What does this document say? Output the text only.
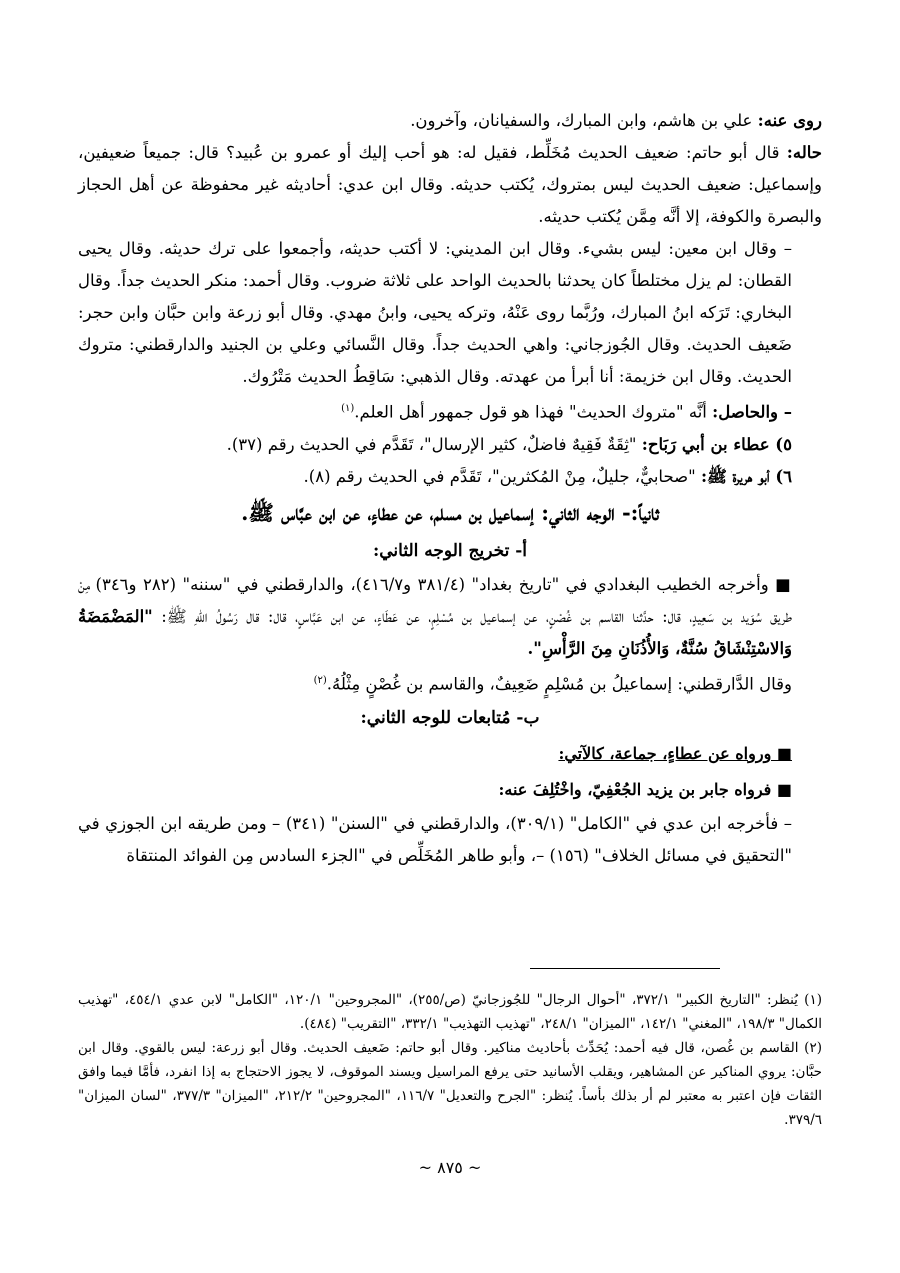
روى عنه: علي بن هاشم، وابن المبارك، والسفيانان، وآخرون.

حاله: قال أبو حاتم: ضعيف الحديث مُخَلِّط، فقيل له: هو أحب إليك أو عمرو بن عُبيد؟ قال: جميعاً ضعيفين، وإسماعيل: ضعيف الحديث ليس بمتروك، يُكتب حديثه. وقال ابن عدي: أحاديثه غير محفوظة عن أهل الحجاز والبصرة والكوفة، إلا أنَّه مِمَّن يُكتب حديثه.

– وقال ابن معين: ليس بشيء. وقال ابن المديني: لا أكتب حديثه، وأجمعوا على ترك حديثه. وقال يحيى القطان: لم يزل مختلطاً كان يحدثنا بالحديث الواحد على ثلاثة ضروب. وقال أحمد: منكر الحديث جداً. وقال البخاري: تَرَكه ابنُ المبارك، ورُبَّما روى عَنْهُ، وتركه يحيى، وابنُ مهدي. وقال أبو زرعة وابن حبَّان وابن حجر: ضَعيف الحديث. وقال الجُوزجاني: واهي الحديث جداً. وقال النَّسائي وعلي بن الجنيد والدارقطني: متروك الحديث. وقال ابن خزيمة: أنا أبرأ من عهدته. وقال الذهبي: سَاقِطُ الحديث مَتْرُوك.

– والحاصل: أنَّه "متروك الحديث" فهذا هو قول جمهور أهل العلم.$^{(١)}$

٥) عطاء بن أبي رَبَاح: "ثِقَةٌ فَقِيهٌ فاضلٌ، كثير الإرسال"، تَقَدَّم في الحديث رقم (٣٧).

٦) أبو هريرة ﷺ: "صحابيٌّ، جليلٌ، مِنْ المُكثرين"، تَقَدَّم في الحديث رقم (٨).

ثانياً:- الوجه الثاني: إسماعيل بن مسلم، عن عطاءٍ، عن ابن عبَّاس ﷺ.

أ- تخريج الوجه الثاني:

■ وأخرجه الخطيب البغدادي في "تاريخ بغداد" (٣٨١/٤ و٤١٦/٧)، والدارقطني في "سننه" (٢٨٢ و٣٤٦) مِنْ طريق سُوَيد بن سَعِيدٍ، قال: حدَّثنا القاسم بن غُصْنٍ، عن إسماعيل بن مُسْلِمٍ، عن عَطَاءٍ، عن ابن عَبَّاسٍ، قال: قال رَسُولُ اللهِ ﷺ: "المَضْمَضَةُ وَالاسْتِنْشَاقُ سُنَّةٌ، وَالأُذُنَانِ مِنَ الرَّأْسِ".

وقال الدَّارقطني: إسماعيلُ بن مُسْلِمٍ ضَعِيفٌ، والقاسم بن غُصْنٍ مِثْلُهُ.$^{(٢)}$

ب- مُتابعات للوجه الثاني:

■ ورواه عن عطاءٍ، جماعة، كالآتي:

■ فرواه جابر بن يزيد الجُعْفِيّ، واخْتُلِفَ عنه:

– فأخرجه ابن عدي في "الكامل" (٣٠٩/١)، والدارقطني في "السنن" (٣٤١) – ومن طريقه ابن الجوزي في "التحقيق في مسائل الخلاف" (١٥٦) –، وأبو طاهر المُخَلِّص في "الجزء السادس مِن الفوائد المنتقاة

(١) يُنظر: "التاريخ الكبير" ٣٧٢/١، "أحوال الرجال" للجُوزجانيّ (ص/٢٥٥)، "المجروحين" ١٢٠/١، "الكامل" لابن عدي ٤٥٤/١، "تهذيب الكمال" ١٩٨/٣، "المغني" ١٤٢/١، "الميزان" ٢٤٨/١، "تهذيب التهذيب" ٣٣٢/١، "التقريب" (٤٨٤).

(٢) القاسم بن غُصن، قال فيه أحمد: يُحَدِّث بأحاديث مناكير. وقال أبو حاتم: ضَعيف الحديث. وقال أبو زرعة: ليس بالقوي. وقال ابن حبَّان: يروي المناكير عن المشاهير، ويقلب الأسانيد حتى يرفع المراسيل ويسند الموقوف، لا يجوز الاحتجاج به إذا انفرد، فأمَّا فيما وافق الثقات فإن اعتبر به معتبر لم أر بذلك بأساً. يُنظر: "الجرح والتعديل" ١١٦/٧، "المجروحين" ٢١٢/٢، "الميزان" ٣٧٧/٣، "لسان الميزان" ٣٧٩/٦.

~ ٨٧٥ ~
